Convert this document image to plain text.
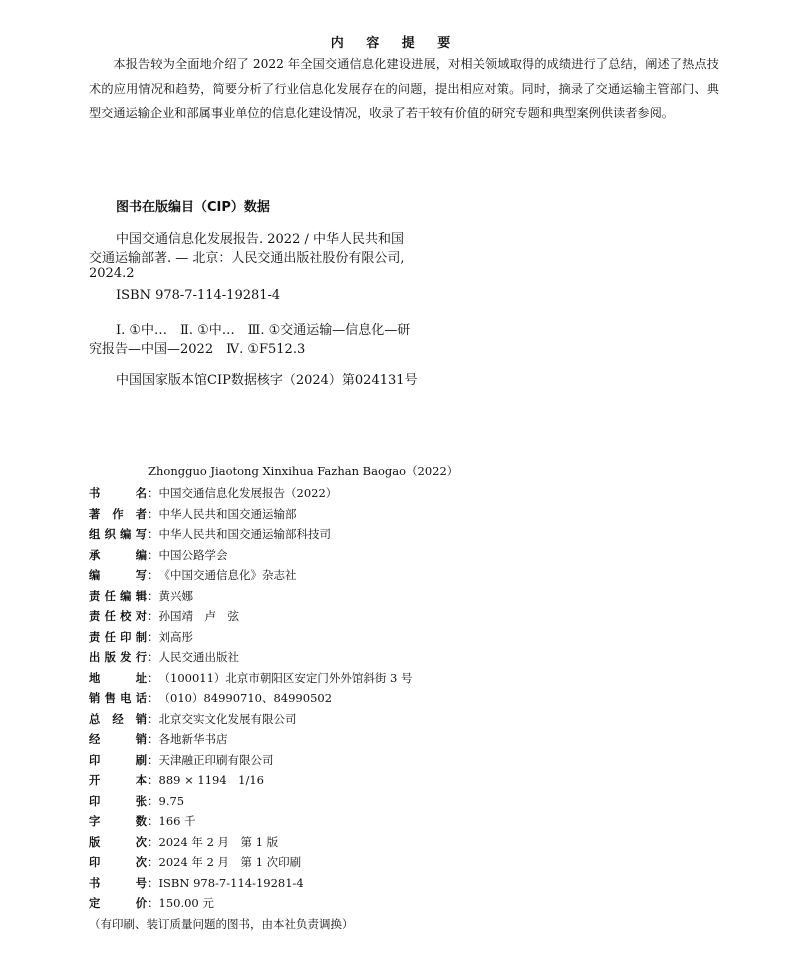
内 容 提 要
本报告较为全面地介绍了 2022 年全国交通信息化建设进展，对相关领域取得的成绩进行了总结，阐述了热点技术的应用情况和趋势，简要分析了行业信息化发展存在的问题，提出相应对策。同时，摘录了交通运输主管部门、典型交通运输企业和部属事业单位的信息化建设情况，收录了若干较有价值的研究专题和典型案例供读者参阅。
图书在版编目（CIP）数据
中国交通信息化发展报告. 2022 / 中华人民共和国
交通运输部著. — 北京：人民交通出版社股份有限公司,
2024.2
ISBN 978-7-114-19281-4
Ⅰ. ①中…　Ⅱ. ①中…　Ⅲ. ①交通运输—信息化—研
究报告—中国—2022　Ⅳ. ①F512.3
中国国家版本馆CIP数据核字（2024）第024131号
Zhongguo Jiaotong Xinxihua Fazhan Baogao（2022）
书　　名 ： 中国交通信息化发展报告（2022）
著 作 者 ： 中华人民共和国交通运输部
组织编写 ： 中华人民共和国交通运输部科技司
承　　编 ： 中国公路学会
编　　写 ： 《中国交通信息化》杂志社
责任编辑 ： 黄兴娜
责任校对 ： 孙国靖　卢　弦
责任印制 ： 刘高彤
出版发行 ： 人民交通出版社
地　　址 ： （100011）北京市朝阳区安定门外外馆斜街 3 号
销售电话 ： （010）84990710、84990502
总 经 销 ： 北京交实文化发展有限公司
经　　销 ： 各地新华书店
印　　刷 ： 天津融正印刷有限公司
开　　本 ： 889 × 1194　1/16
印　　张 ： 9.75
字　　数 ： 166 千
版　　次 ： 2024 年 2 月　第 1 版
印　　次 ： 2024 年 2 月　第 1 次印刷
书　　号 ： ISBN 978-7-114-19281-4
定　　价 ： 150.00 元
（有印刷、装订质量问题的图书，由本社负责调换）
